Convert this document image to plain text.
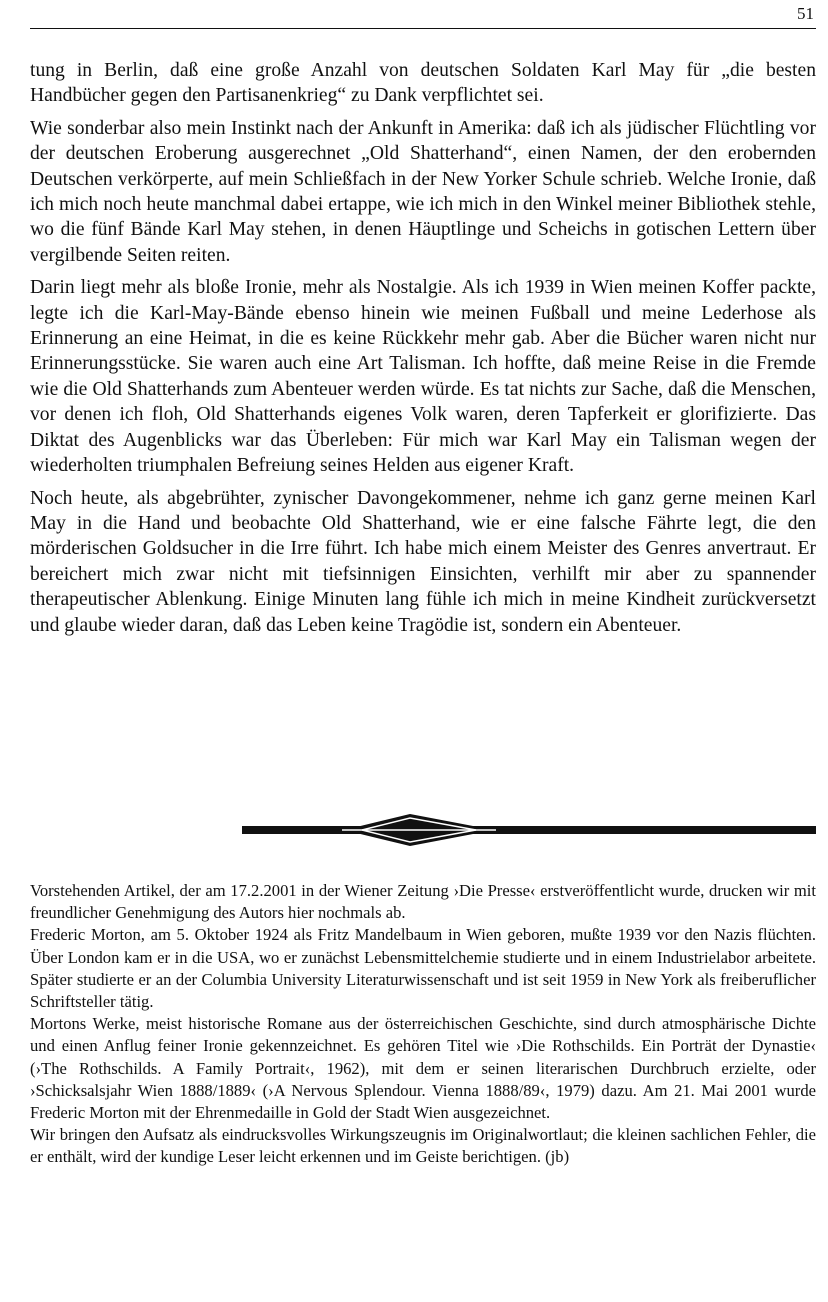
51

tung in Berlin, daß eine große Anzahl von deutschen Soldaten Karl May für „die besten Handbücher gegen den Partisanenkrieg“ zu Dank verpflichtet sei.

Wie sonderbar also mein Instinkt nach der Ankunft in Amerika: daß ich als jüdischer Flüchtling vor der deutschen Eroberung ausgerechnet „Old Shatterhand“, einen Namen, der den erobernden Deutschen verkörperte, auf mein Schließfach in der New Yorker Schule schrieb. Welche Ironie, daß ich mich noch heute manchmal dabei ertappe, wie ich mich in den Winkel meiner Bibliothek stehle, wo die fünf Bände Karl May stehen, in denen Häuptlinge und Scheichs in gotischen Lettern über vergilbende Seiten reiten.

Darin liegt mehr als bloße Ironie, mehr als Nostalgie. Als ich 1939 in Wien meinen Koffer packte, legte ich die Karl-May-Bände ebenso hinein wie meinen Fußball und meine Lederhose als Erinnerung an eine Heimat, in die es keine Rückkehr mehr gab. Aber die Bücher waren nicht nur Erinnerungsstücke. Sie waren auch eine Art Talisman. Ich hoffte, daß meine Reise in die Fremde wie die Old Shatterhands zum Abenteuer werden würde. Es tat nichts zur Sache, daß die Menschen, vor denen ich floh, Old Shatterhands eigenes Volk waren, deren Tapferkeit er glorifizierte. Das Diktat des Augenblicks war das Überleben: Für mich war Karl May ein Talisman wegen der wiederholten triumphalen Befreiung seines Helden aus eigener Kraft.

Noch heute, als abgebrühter, zynischer Davongekommener, nehme ich ganz gerne meinen Karl May in die Hand und beobachte Old Shatterhand, wie er eine falsche Fährte legt, die den mörderischen Goldsucher in die Irre führt. Ich habe mich einem Meister des Genres anvertraut. Er bereichert mich zwar nicht mit tiefsinnigen Einsichten, verhilft mir aber zu spannender therapeutischer Ablenkung. Einige Minuten lang fühle ich mich in meine Kindheit zurückversetzt und glaube wieder daran, daß das Leben keine Tragödie ist, sondern ein Abenteuer.

Vorstehenden Artikel, der am 17.2.2001 in der Wiener Zeitung ›Die Presse‹ erstveröffentlicht wurde, drucken wir mit freundlicher Genehmigung des Autors hier nochmals ab.

Frederic Morton, am 5. Oktober 1924 als Fritz Mandelbaum in Wien geboren, mußte 1939 vor den Nazis flüchten. Über London kam er in die USA, wo er zunächst Lebensmittelchemie studierte und in einem Industrielabor arbeitete. Später studierte er an der Columbia University Literaturwissenschaft und ist seit 1959 in New York als freiberuflicher Schriftsteller tätig.

Mortons Werke, meist historische Romane aus der österreichischen Geschichte, sind durch atmosphärische Dichte und einen Anflug feiner Ironie gekennzeichnet. Es gehören Titel wie ›Die Rothschilds. Ein Porträt der Dynastie‹ (›The Rothschilds. A Family Portrait‹, 1962), mit dem er seinen literarischen Durchbruch erzielte, oder ›Schicksalsjahr Wien 1888/1889‹ (›A Nervous Splendour. Vienna 1888/89‹, 1979) dazu. Am 21. Mai 2001 wurde Frederic Morton mit der Ehrenmedaille in Gold der Stadt Wien ausgezeichnet.

Wir bringen den Aufsatz als eindrucksvolles Wirkungszeugnis im Originalwortlaut; die kleinen sachlichen Fehler, die er enthält, wird der kundige Leser leicht erkennen und im Geiste berichtigen. (jb)
